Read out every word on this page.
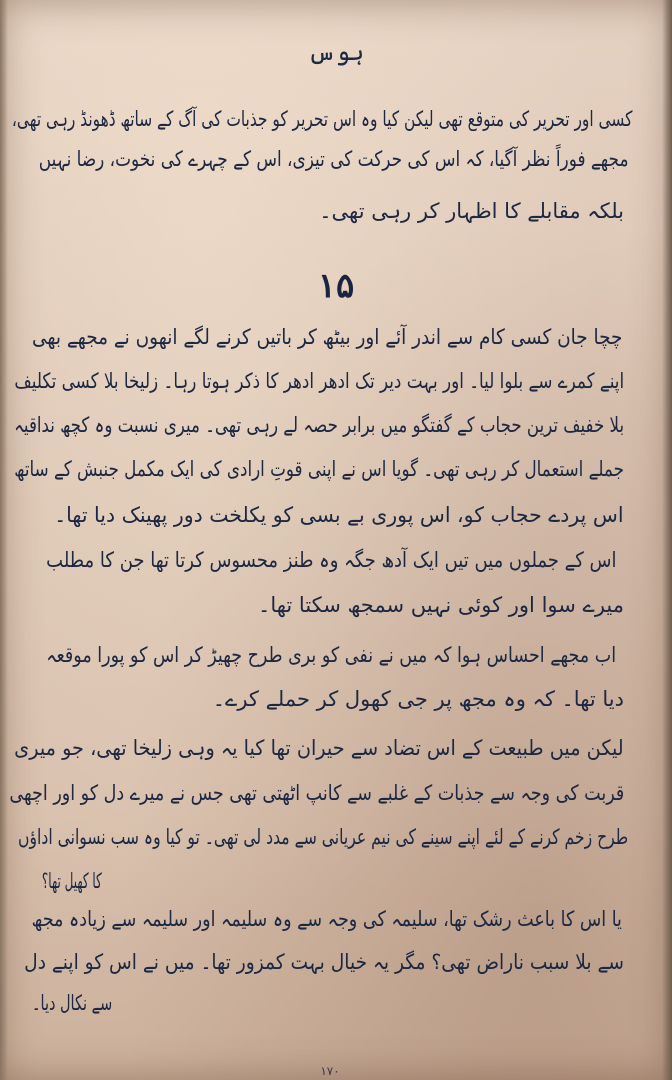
ہوس
کسی اور تحریر کی متوقع تھی لیکن کیا وہ اس تحریر کو جذبات کی آگ کے ساتھ ڈھونڈ رہی تھی،
مجھے فوراً نظر آگیا، کہ اس کی حرکت کی تیزی، اس کے چہرے کی نخوت، رضا نہیں
بلکہ مقابلے کا اظہار کر رہی تھی۔
۱۵
چچا جان کسی کام سے اندر آئے اور بیٹھ کر باتیں کرنے لگے انھوں نے مجھے بھی
اپنے کمرے سے بلوا لیا۔ اور بہت دیر تک ادھر ادھر کا ذکر ہوتا رہا۔ زلیخا بلا کسی تکلیف
بلا خفیف ترین حجاب کے گفتگو میں برابر حصہ لے رہی تھی۔ میری نسبت وہ کچھ نداقیہ
جملے استعمال کر رہی تھی۔ گویا اس نے اپنی قوتِ ارادی کی ایک مکمل جنبش کے ساتھ
اس پردے حجاب کو، اس پوری بے بسی کو یکلخت دور پھینک دیا تھا۔
اس کے جملوں میں تیں ایک آدھ جگہ وہ طنز محسوس کرتا تھا جن کا مطلب
میرے سوا اور کوئی نہیں سمجھ سکتا تھا۔
اب مجھے احساس ہوا کہ میں نے نفی کو بری طرح چھیڑ کر اس کو پورا موقعہ
دیا تھا۔ کہ وہ مجھ پر جی کھول کر حملے کرے۔
لیکن میں طبیعت کے اس تضاد سے حیران تھا کیا یہ وہی زلیخا تھی، جو میری
قربت کی وجہ سے جذبات کے غلبے سے کانپ اٹھتی تھی جس نے میرے دل کو اور اچھی
طرح زخم کرنے کے لئے اپنے سینے کی نیم عریانی سے مدد لی تھی۔ تو کیا وہ سب نسوانی اداؤں
کا کھیل تھا؟
یا اس کا باعث رشک تھا، سلیمہ کی وجہ سے وہ سلیمہ اور سلیمہ سے زیادہ مجھ
سے بلا سبب ناراض تھی؟ مگر یہ خیال بہت کمزور تھا۔ میں نے اس کو اپنے دل
سے نکال دیا۔
۱۷۰
